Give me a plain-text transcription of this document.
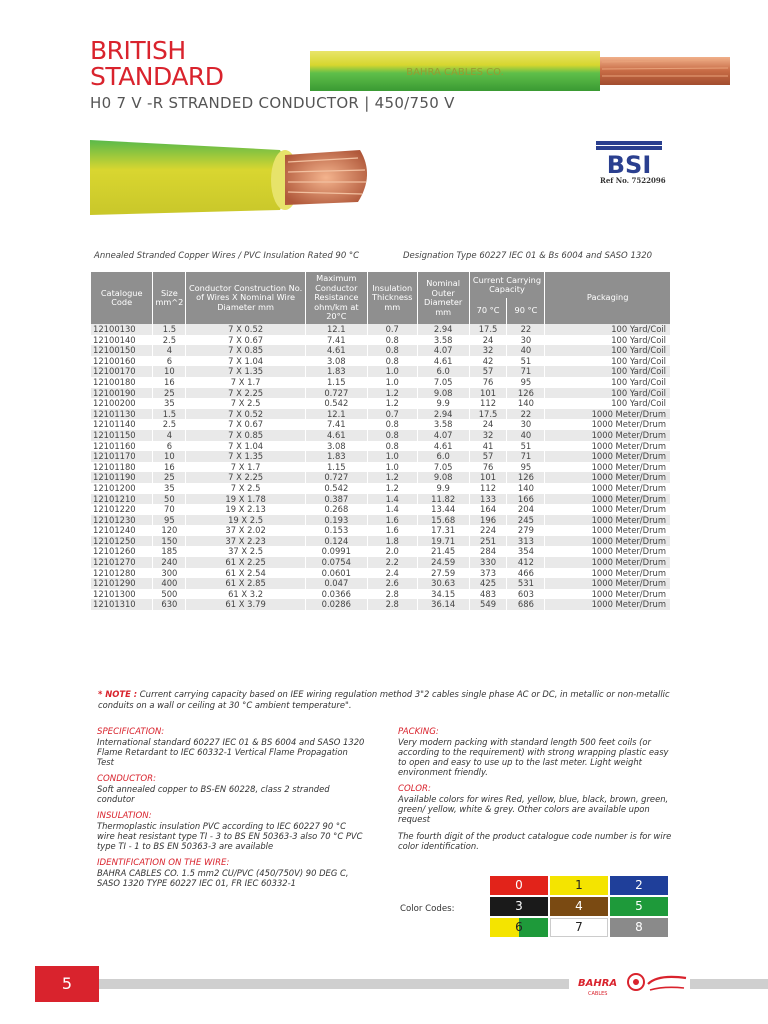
BRITISH
STANDARD
H0 7 V -R STRANDED CONDUCTOR | 450/750 V
BAHRA CABLES CO.
BSI
Ref No. 7522096
Annealed Stranded Copper Wires / PVC Insulation Rated 90 °C	Designation Type 60227 IEC 01 & Bs 6004 and SASO 1320
Catalogue Code	Size mm^2	Conductor Construction No. of Wires X Nominal Wire Diameter mm	Maximum Conductor Resistance ohm/km at 20°C	Insulation Thickness mm	Nominal Outer Diameter mm	Current Carrying Capacity		Packaging
						70 °C	90 °C	
12100130	1.5	7 X 0.52	12.1	0.7	2.94	17.5	22	100 Yard/Coil
12100140	2.5	7 X 0.67	7.41	0.8	3.58	24	30	100 Yard/Coil
12100150	4	7 X 0.85	4.61	0.8	4.07	32	40	100 Yard/Coil
12100160	6	7 X 1.04	3.08	0.8	4.61	42	51	100 Yard/Coil
12100170	10	7 X 1.35	1.83	1.0	6.0	57	71	100 Yard/Coil
12100180	16	7 X 1.7	1.15	1.0	7.05	76	95	100 Yard/Coil
12100190	25	7 X 2.25	0.727	1.2	9.08	101	126	100 Yard/Coil
12100200	35	7 X 2.5	0.542	1.2	9.9	112	140	100 Yard/Coil
12101130	1.5	7 X 0.52	12.1	0.7	2.94	17.5	22	1000 Meter/Drum
12101140	2.5	7 X 0.67	7.41	0.8	3.58	24	30	1000 Meter/Drum
12101150	4	7 X 0.85	4.61	0.8	4.07	32	40	1000 Meter/Drum
12101160	6	7 X 1.04	3.08	0.8	4.61	41	51	1000 Meter/Drum
12101170	10	7 X 1.35	1.83	1.0	6.0	57	71	1000 Meter/Drum
12101180	16	7 X 1.7	1.15	1.0	7.05	76	95	1000 Meter/Drum
12101190	25	7 X 2.25	0.727	1.2	9.08	101	126	1000 Meter/Drum
12101200	35	7 X 2.5	0.542	1.2	9.9	112	140	1000 Meter/Drum
12101210	50	19 X 1.78	0.387	1.4	11.82	133	166	1000 Meter/Drum
12101220	70	19 X 2.13	0.268	1.4	13.44	164	204	1000 Meter/Drum
12101230	95	19 X 2.5	0.193	1.6	15.68	196	245	1000 Meter/Drum
12101240	120	37 X 2.02	0.153	1.6	17.31	224	279	1000 Meter/Drum
12101250	150	37 X 2.23	0.124	1.8	19.71	251	313	1000 Meter/Drum
12101260	185	37 X 2.5	0.0991	2.0	21.45	284	354	1000 Meter/Drum
12101270	240	61 X 2.25	0.0754	2.2	24.59	330	412	1000 Meter/Drum
12101280	300	61 X 2.54	0.0601	2.4	27.59	373	466	1000 Meter/Drum
12101290	400	61 X 2.85	0.047	2.6	30.63	425	531	1000 Meter/Drum
12101300	500	61 X 3.2	0.0366	2.8	34.15	483	603	1000 Meter/Drum
12101310	630	61 X 3.79	0.0286	2.8	36.14	549	686	1000 Meter/Drum
* NOTE : Current carrying capacity based on IEE wiring regulation method 3"2 cables single phase AC or DC, in metallic or non-metallic conduits on a wall or ceiling at 30 °C ambient temperature".
SPECIFICATION:
International standard 60227 IEC 01 & BS 6004 and SASO 1320 Flame Retardant to IEC 60332-1 Vertical Flame Propagation Test
CONDUCTOR:
Soft annealed copper to BS-EN 60228, class 2 stranded condutor
INSULATION:
Thermoplastic insulation PVC according to IEC 60227 90 °C wire heat resistant type TI - 3 to BS EN 50363-3 also 70 °C PVC type TI - 1 to BS EN 50363-3 are available
IDENTIFICATION ON THE WIRE:
BAHRA CABLES CO. 1.5 mm2 CU/PVC (450/750V) 90 DEG C, SASO 1320 TYPE 60227 IEC 01, FR IEC 60332-1
PACKING:
Very modern packing with standard length 500 feet coils (or according to the requirement) with strong wrapping plastic easy to open and easy to use up to the last meter. Light weight environment friendly.
COLOR:
Available colors for wires Red, yellow, blue, black, brown, green, green/ yellow, white & grey. Other colors are available upon request
The fourth digit of the product catalogue code number is for wire color identification.
Color Codes:
0	1	2
3	4	5
6	7	8
5	BAHRA
CABLES
